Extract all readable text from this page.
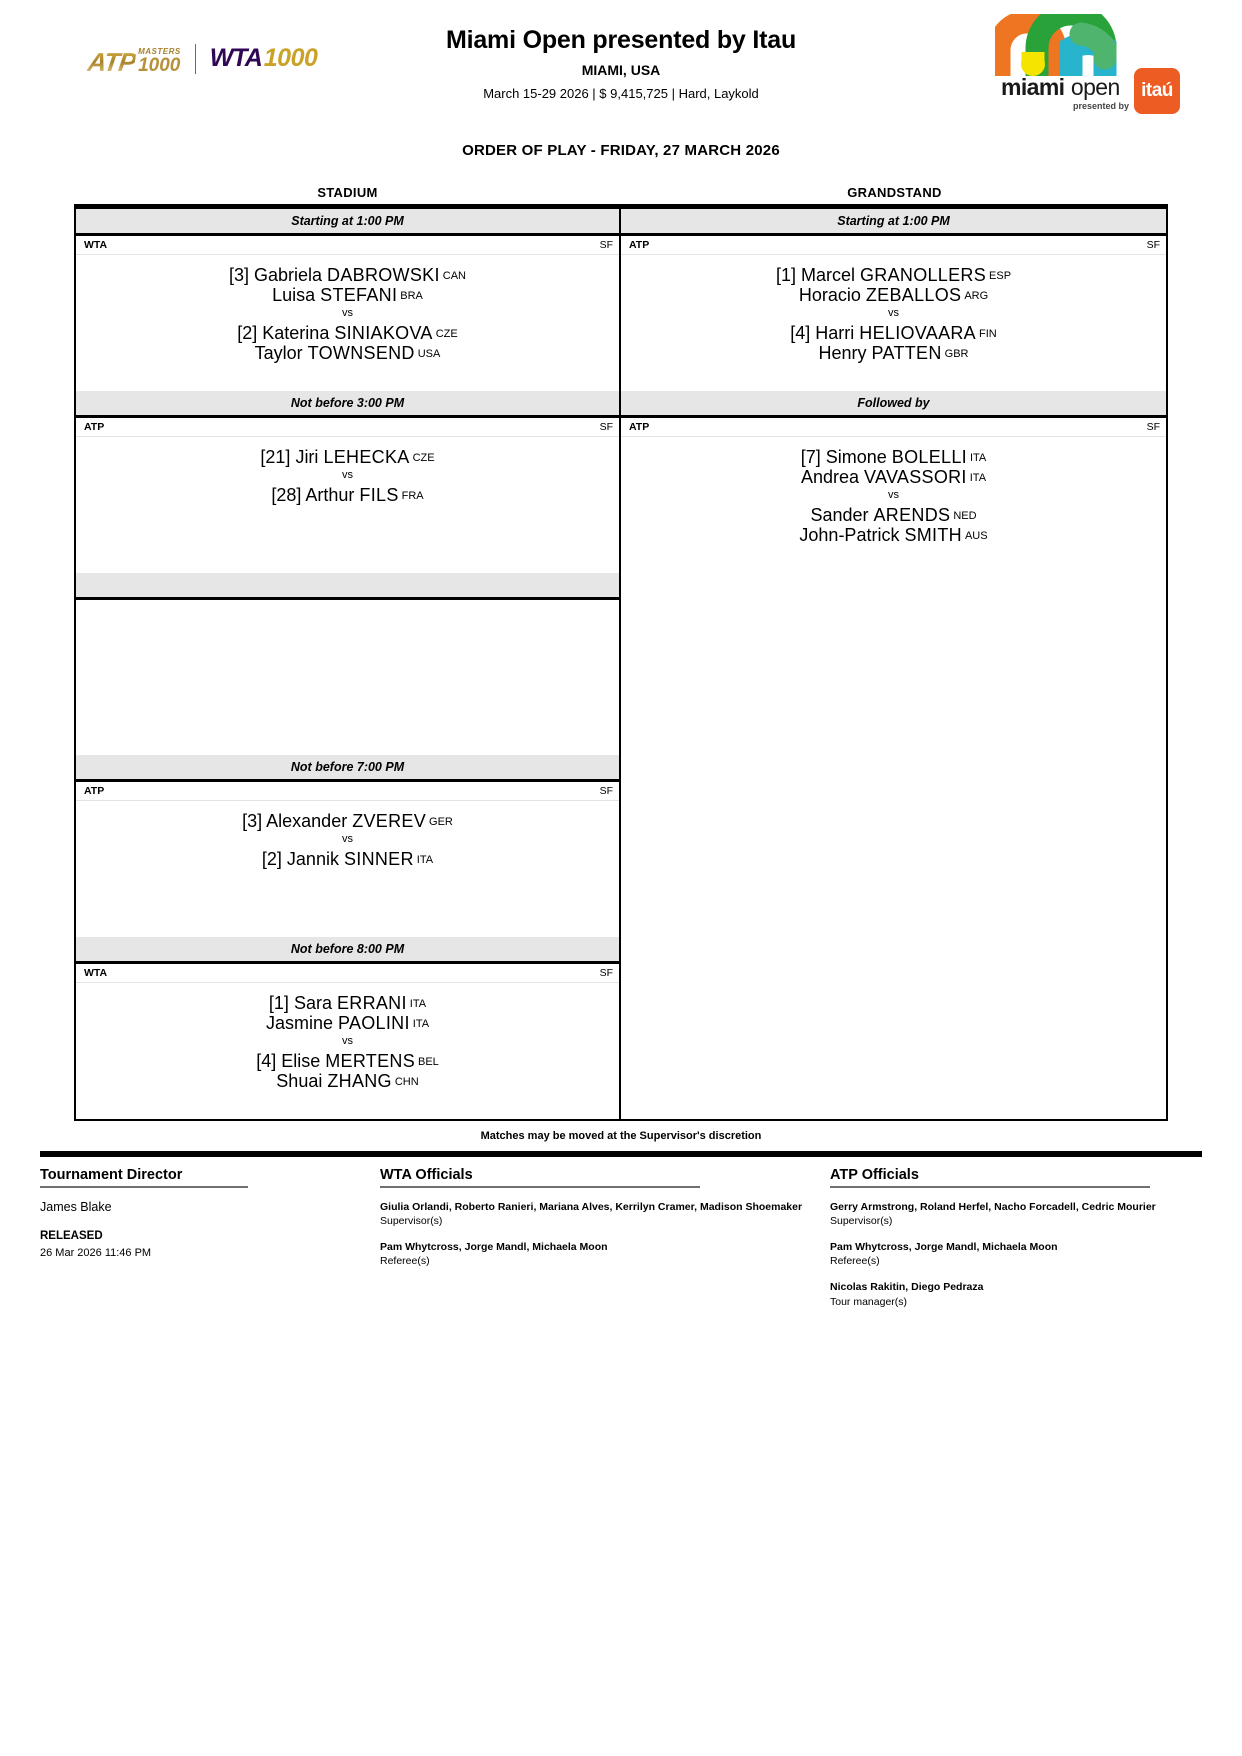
ATP MASTERS
1000 WTA 1000
Miami Open presented by Itau
MIAMI, USA
March 15-29 2026 | $ 9,415,725 | Hard, Laykold	miami open
presented by
itaú
ORDER OF PLAY - FRIDAY, 27 MARCH 2026
STADIUM	GRANDSTAND
Starting at 1:00 PM
WTA	SF
[3] Gabriela DABROWSKI CAN
Luisa STEFANI BRA
vs
[2] Katerina SINIAKOVA CZE
Taylor TOWNSEND USA
Starting at 1:00 PM
ATP	SF
[1] Marcel GRANOLLERS ESP
Horacio ZEBALLOS ARG
vs
[4] Harri HELIOVAARA FIN
Henry PATTEN GBR
Not before 3:00 PM
ATP	SF
[21] Jiri LEHECKA CZE
vs
[28] Arthur FILS FRA
Followed by
ATP	SF
[7] Simone BOLELLI ITA
Andrea VAVASSORI ITA
vs
Sander ARENDS NED
John-Patrick SMITH AUS

Not before 7:00 PM
ATP	SF
[3] Alexander ZVEREV GER
vs
[2] Jannik SINNER ITA
Not before 8:00 PM
WTA	SF
[1] Sara ERRANI ITA
Jasmine PAOLINI ITA
vs
[4] Elise MERTENS BEL
Shuai ZHANG CHN
Matches may be moved at the Supervisor's discretion
Tournament Director
James Blake
RELEASED
26 Mar 2026 11:46 PM
WTA Officials
Giulia Orlandi, Roberto Ranieri, Mariana Alves, Kerrilyn Cramer, Madison Shoemaker
Supervisor(s)
Pam Whytcross, Jorge Mandl, Michaela Moon
Referee(s)
ATP Officials
Gerry Armstrong, Roland Herfel, Nacho Forcadell, Cedric Mourier
Supervisor(s)
Pam Whytcross, Jorge Mandl, Michaela Moon
Referee(s)
Nicolas Rakitin, Diego Pedraza
Tour manager(s)
